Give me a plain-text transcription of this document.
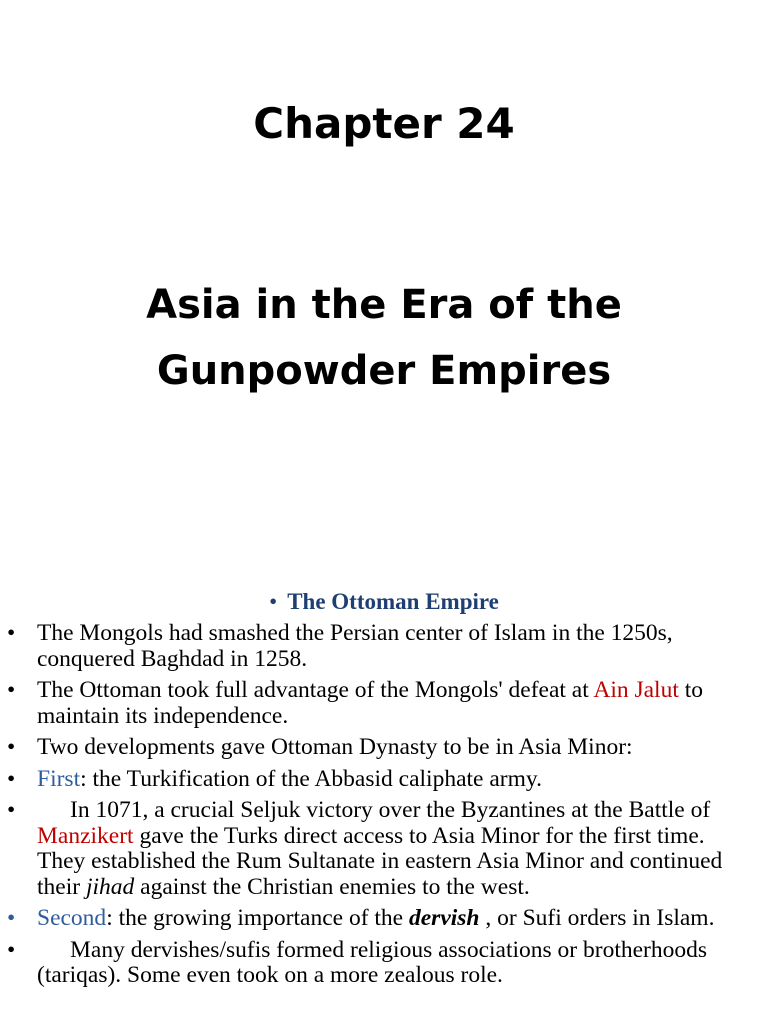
Chapter 24
Asia in the Era of the
Gunpowder Empires
• The Ottoman Empire
• The Mongols had smashed the Persian center of Islam in the 1250s, conquered Baghdad in 1258.
• The Ottoman took full advantage of the Mongols' defeat at Ain Jalut to maintain its independence.
• Two developments gave Ottoman Dynasty to be in Asia Minor:
• First: the Turkification of the Abbasid caliphate army.
• In 1071, a crucial Seljuk victory over the Byzantines at the Battle of Manzikert gave the Turks direct access to Asia Minor for the first time. They established the Rum Sultanate in eastern Asia Minor and continued their jihad against the Christian enemies to the west.
• Second: the growing importance of the dervish , or Sufi orders in Islam.
• Many dervishes/sufis formed religious associations or brotherhoods (tariqas). Some even took on a more zealous role.
